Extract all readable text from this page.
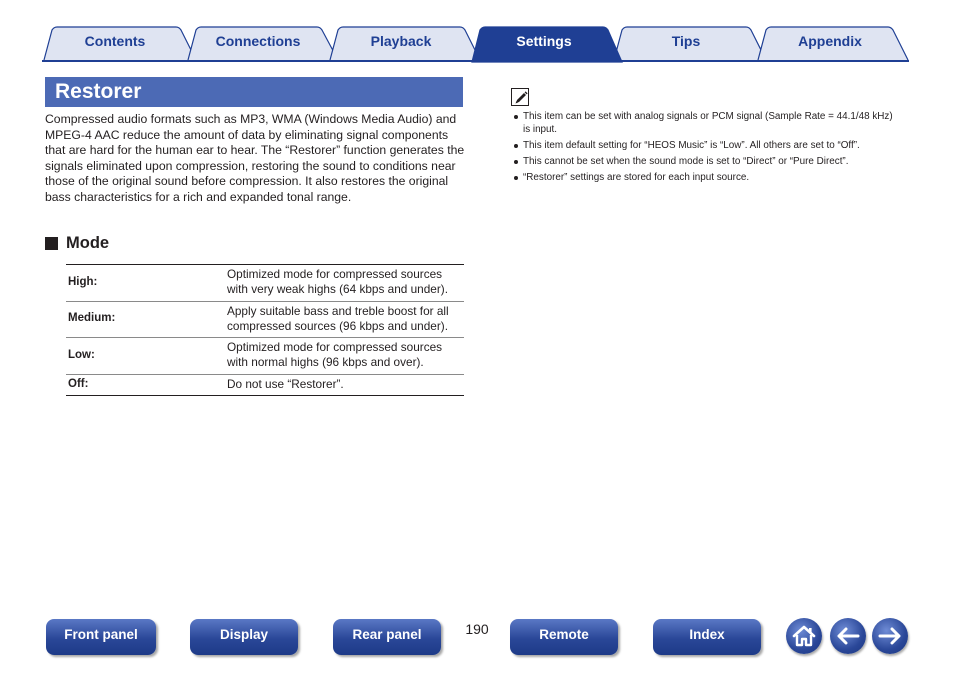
Contents	Connections	Playback	Settings	Tips	Appendix
Restorer

Compressed audio formats such as MP3, WMA (Windows Media Audio) and MPEG-4 AAC reduce the amount of data by eliminating signal components that are hard for the human ear to hear. The “Restorer” function generates the signals eliminated upon compression, restoring the sound to conditions near those of the original sound before compression. It also restores the original bass characteristics for a rich and expanded tonal range.

Mode
High:	Optimized mode for compressed sources with very weak highs (64 kbps and under).
Medium:	Apply suitable bass and treble boost for all compressed sources (96 kbps and under).
Low:	Optimized mode for compressed sources with normal highs (96 kbps and over).
Off:	Do not use “Restorer”.
This item can be set with analog signals or PCM signal (Sample Rate = 44.1/48 kHz) is input.
This item default setting for “HEOS Music” is “Low”. All others are set to “Off”.
This cannot be set when the sound mode is set to “Direct” or “Pure Direct”.
“Restorer” settings are stored for each input source.
Front panel	Display	Rear panel	190	Remote	Index
